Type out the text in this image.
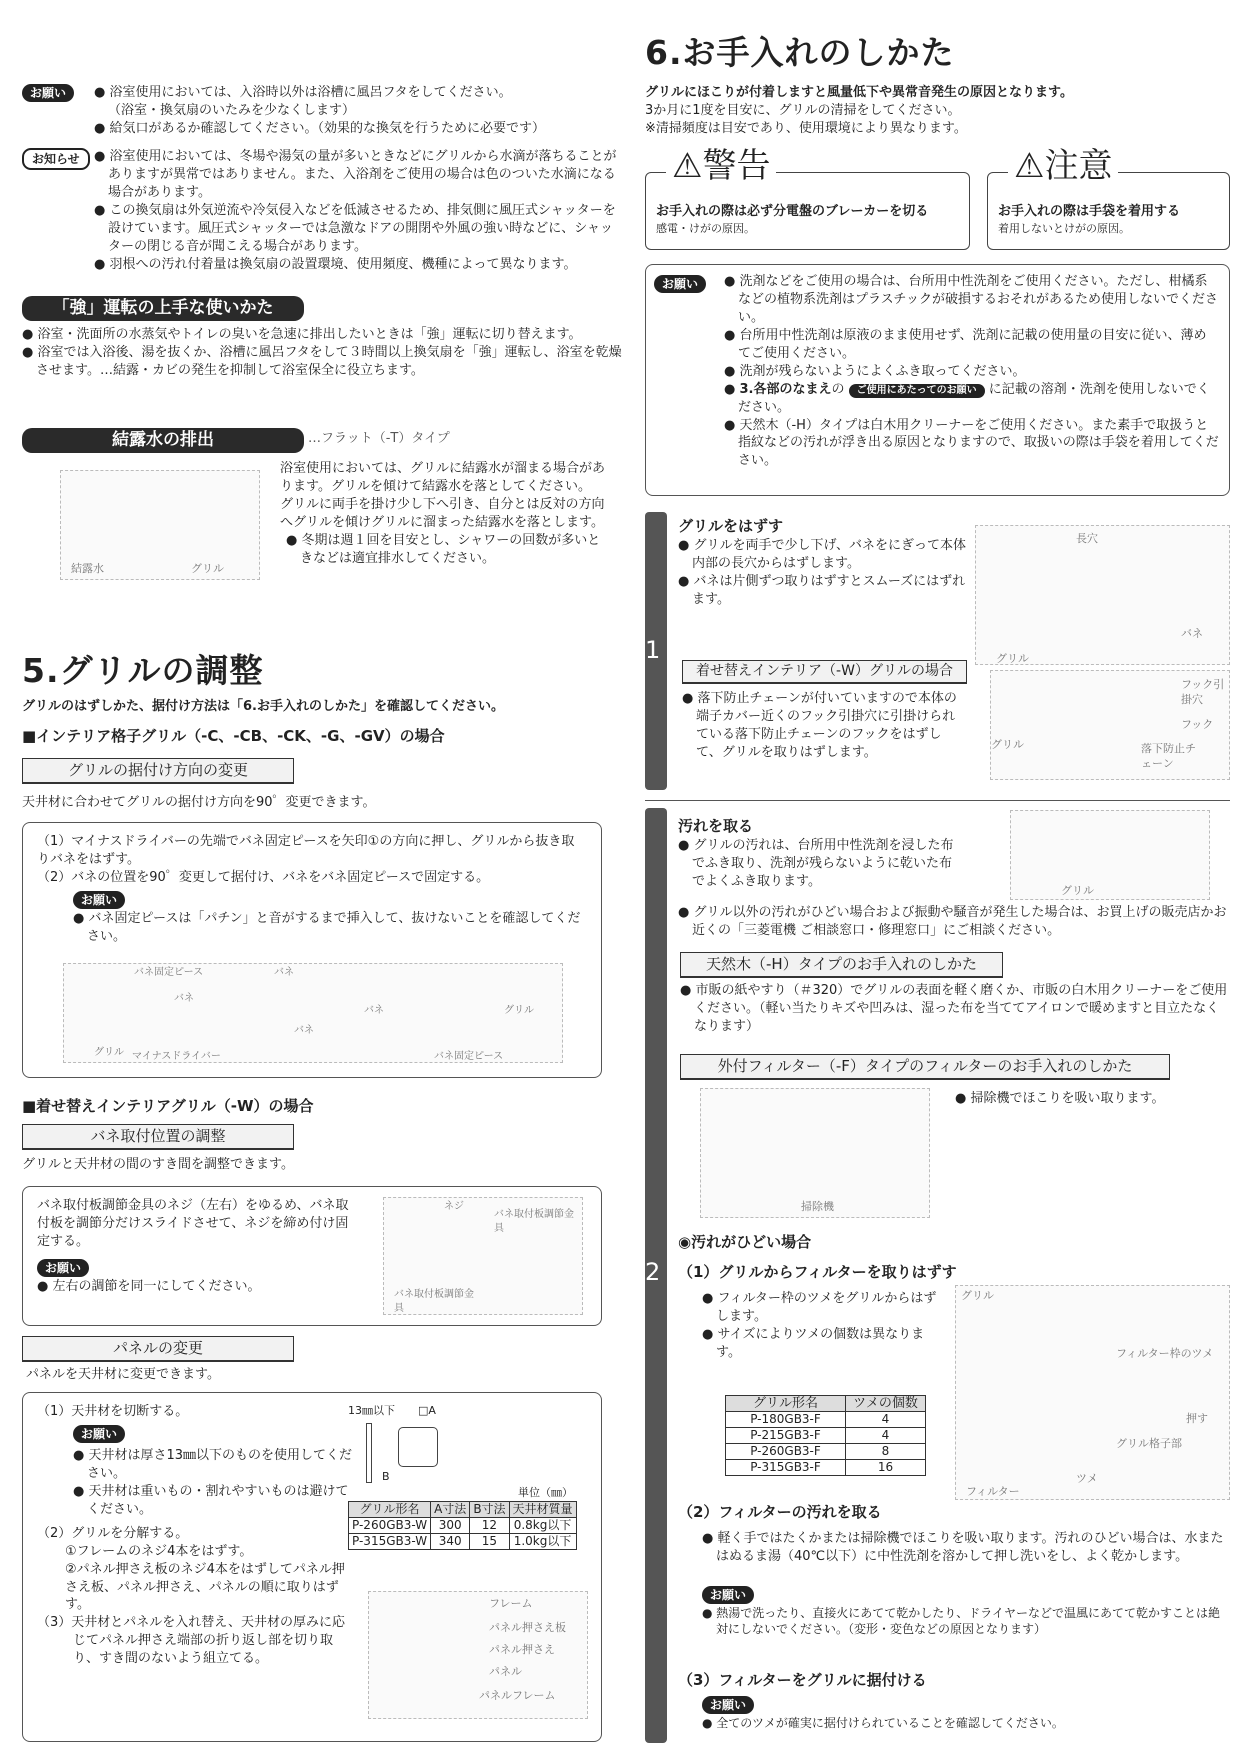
お願い	● 浴室使用においては、入浴時以外は浴槽に風呂フタをしてください。
（浴室・換気扇のいたみを少なくします）
● 給気口があるか確認してください。（効果的な換気を行うために必要です）
お知らせ	● 浴室使用においては、冬場や湯気の量が多いときなどにグリルから水滴が落ちることがありますが異常ではありません。また、入浴剤をご使用の場合は色のついた水滴になる場合があります。
● この換気扇は外気逆流や冷気侵入などを低減させるため、排気側に風圧式シャッターを設けています。風圧式シャッターでは急激なドアの開閉や外風の強い時などに、シャッターの閉じる音が聞こえる場合があります。
● 羽根への汚れ付着量は換気扇の設置環境、使用頻度、機種によって異なります。
「強」運転の上手な使いかた
● 浴室・洗面所の水蒸気やトイレの臭いを急速に排出したいときは「強」運転に切り替えます。
● 浴室では入浴後、湯を抜くか、浴槽に風呂フタをして３時間以上換気扇を「強」運転し、浴室を乾燥させます。…結露・カビの発生を抑制して浴室保全に役立ちます。
結露水の排出	…フラット（-T）タイプ
結露水	グリル
浴室使用においては、グリルに結露水が溜まる場合があります。グリルを傾けて結露水を落としてください。
グリルに両手を掛け少し下へ引き、自分とは反対の方向へグリルを傾けグリルに溜まった結露水を落とします。
● 冬期は週１回を目安とし、シャワーの回数が多いときなどは適宜排水してください。
5.グリルの調整
グリルのはずしかた、据付け方法は「6.お手入れのしかた」を確認してください。
■インテリア格子グリル（-C、-CB、-CK、-G、-GV）の場合
グリルの据付け方向の変更
天井材に合わせてグリルの据付け方向を90゜変更できます。
（1）マイナスドライバーの先端でバネ固定ピースを矢印①の方向に押し、グリルから抜き取りバネをはずす。
（2）バネの位置を90゜変更して据付け、バネをバネ固定ピースで固定する。
お願い
● バネ固定ピースは「パチン」と音がするまで挿入して、抜けないことを確認してください。
バネ固定ピース
バネ
グリル マイナスドライバー
バネ
バネ
バネ	グリル
バネ固定ピース
■着せ替えインテリアグリル（-W）の場合
バネ取付位置の調整
グリルと天井材の間のすき間を調整できます。
バネ取付板調節金具のネジ（左右）をゆるめ、バネ取付板を調節分だけスライドさせて、ネジを締め付け固定する。
お願い
● 左右の調節を同一にしてください。
ネジ
バネ取付板調節金具
バネ取付板調節金具
パネルの変更
パネルを天井材に変更できます。
（1）天井材を切断する。
お願い
● 天井材は厚さ13㎜以下のものを使用してください。
● 天井材は重いもの・割れやすいものは避けてください。
（2）グリルを分解する。
①フレームのネジ4本をはずす。
②パネル押さえ板のネジ4本をはずしてパネル押さえ板、パネル押さえ、パネルの順に取りはずす。
（3）天井材とパネルを入れ替え、天井材の厚みに応じてパネル押さえ端部の折り返し部を切り取り、すき間のないよう組立てる。
13㎜以下 □A
B
単位（㎜）
グリル形名	A寸法	B寸法	天井材質量
P-260GB3-W	300	12	0.8kg以下
P-315GB3-W	340	15	1.0kg以下
フレーム
パネル押さえ板
パネル押さえ
パネル
パネルフレーム
6.お手入れのしかた
グリルにほこりが付着しますと風量低下や異常音発生の原因となります。
3か月に1度を目安に、グリルの清掃をしてください。
※清掃頻度は目安であり、使用環境により異なります。
⚠警告
お手入れの際は必ず分電盤のブレーカーを切る
感電・けがの原因。
⚠注意
お手入れの際は手袋を着用する
着用しないとけがの原因。
お願い	● 洗剤などをご使用の場合は、台所用中性洗剤をご使用ください。ただし、柑橘系などの植物系洗剤はプラスチックが破損するおそれがあるため使用しないでください。
● 台所用中性洗剤は原液のまま使用せず、洗剤に記載の使用量の目安に従い、薄めてご使用ください。
● 洗剤が残らないようによくふき取ってください。
● 3.各部のなまえの ご使用にあたってのお願い に記載の溶剤・洗剤を使用しないでください。
● 天然木（-H）タイプは白木用クリーナーをご使用ください。また素手で取扱うと指紋などの汚れが浮き出る原因となりますので、取扱いの際は手袋を着用してください。
1
グリルをはずす
● グリルを両手で少し下げ、バネをにぎって本体内部の長穴からはずします。
● バネは片側ずつ取りはずすとスムーズにはずれます。
長穴
バネ
グリル
着せ替えインテリア（-W）グリルの場合
● 落下防止チェーンが付いていますので本体の端子カバー近くのフック引掛穴に引掛けられている落下防止チェーンのフックをはずして、グリルを取りはずします。
フック引掛穴
フック
グリル	落下防止チェーン
2
汚れを取る
● グリルの汚れは、台所用中性洗剤を浸した布でふき取り、洗剤が残らないように乾いた布でよくふき取ります。
グリル
● グリル以外の汚れがひどい場合および振動や騒音が発生した場合は、お買上げの販売店かお近くの「三菱電機 ご相談窓口・修理窓口」にご相談ください。
天然木（-H）タイプのお手入れのしかた
● 市販の紙やすり（＃320）でグリルの表面を軽く磨くか、市販の白木用クリーナーをご使用ください。（軽い当たりキズや凹みは、湿った布を当ててアイロンで暖めますと目立たなくなります）
外付フィルター（-F）タイプのフィルターのお手入れのしかた
● 掃除機でほこりを吸い取ります。
掃除機
◉汚れがひどい場合
（1）グリルからフィルターを取りはずす
● フィルター枠のツメをグリルからはずします。
● サイズによりツメの個数は異なります。
グリル形名	ツメの個数
P-180GB3-F	4
P-215GB3-F	4
P-260GB3-F	8
P-315GB3-F	16
グリル
フィルター枠のツメ
押す
グリル格子部
ツメ
フィルター
（2）フィルターの汚れを取る
● 軽く手ではたくかまたは掃除機でほこりを吸い取ります。汚れのひどい場合は、水またはぬるま湯（40℃以下）に中性洗剤を溶かして押し洗いをし、よく乾かします。
お願い
● 熱湯で洗ったり、直接火にあてて乾かしたり、ドライヤーなどで温風にあてて乾かすことは絶対にしないでください。（変形・変色などの原因となります）
（3）フィルターをグリルに据付ける
お願い
● 全てのツメが確実に据付けられていることを確認してください。
